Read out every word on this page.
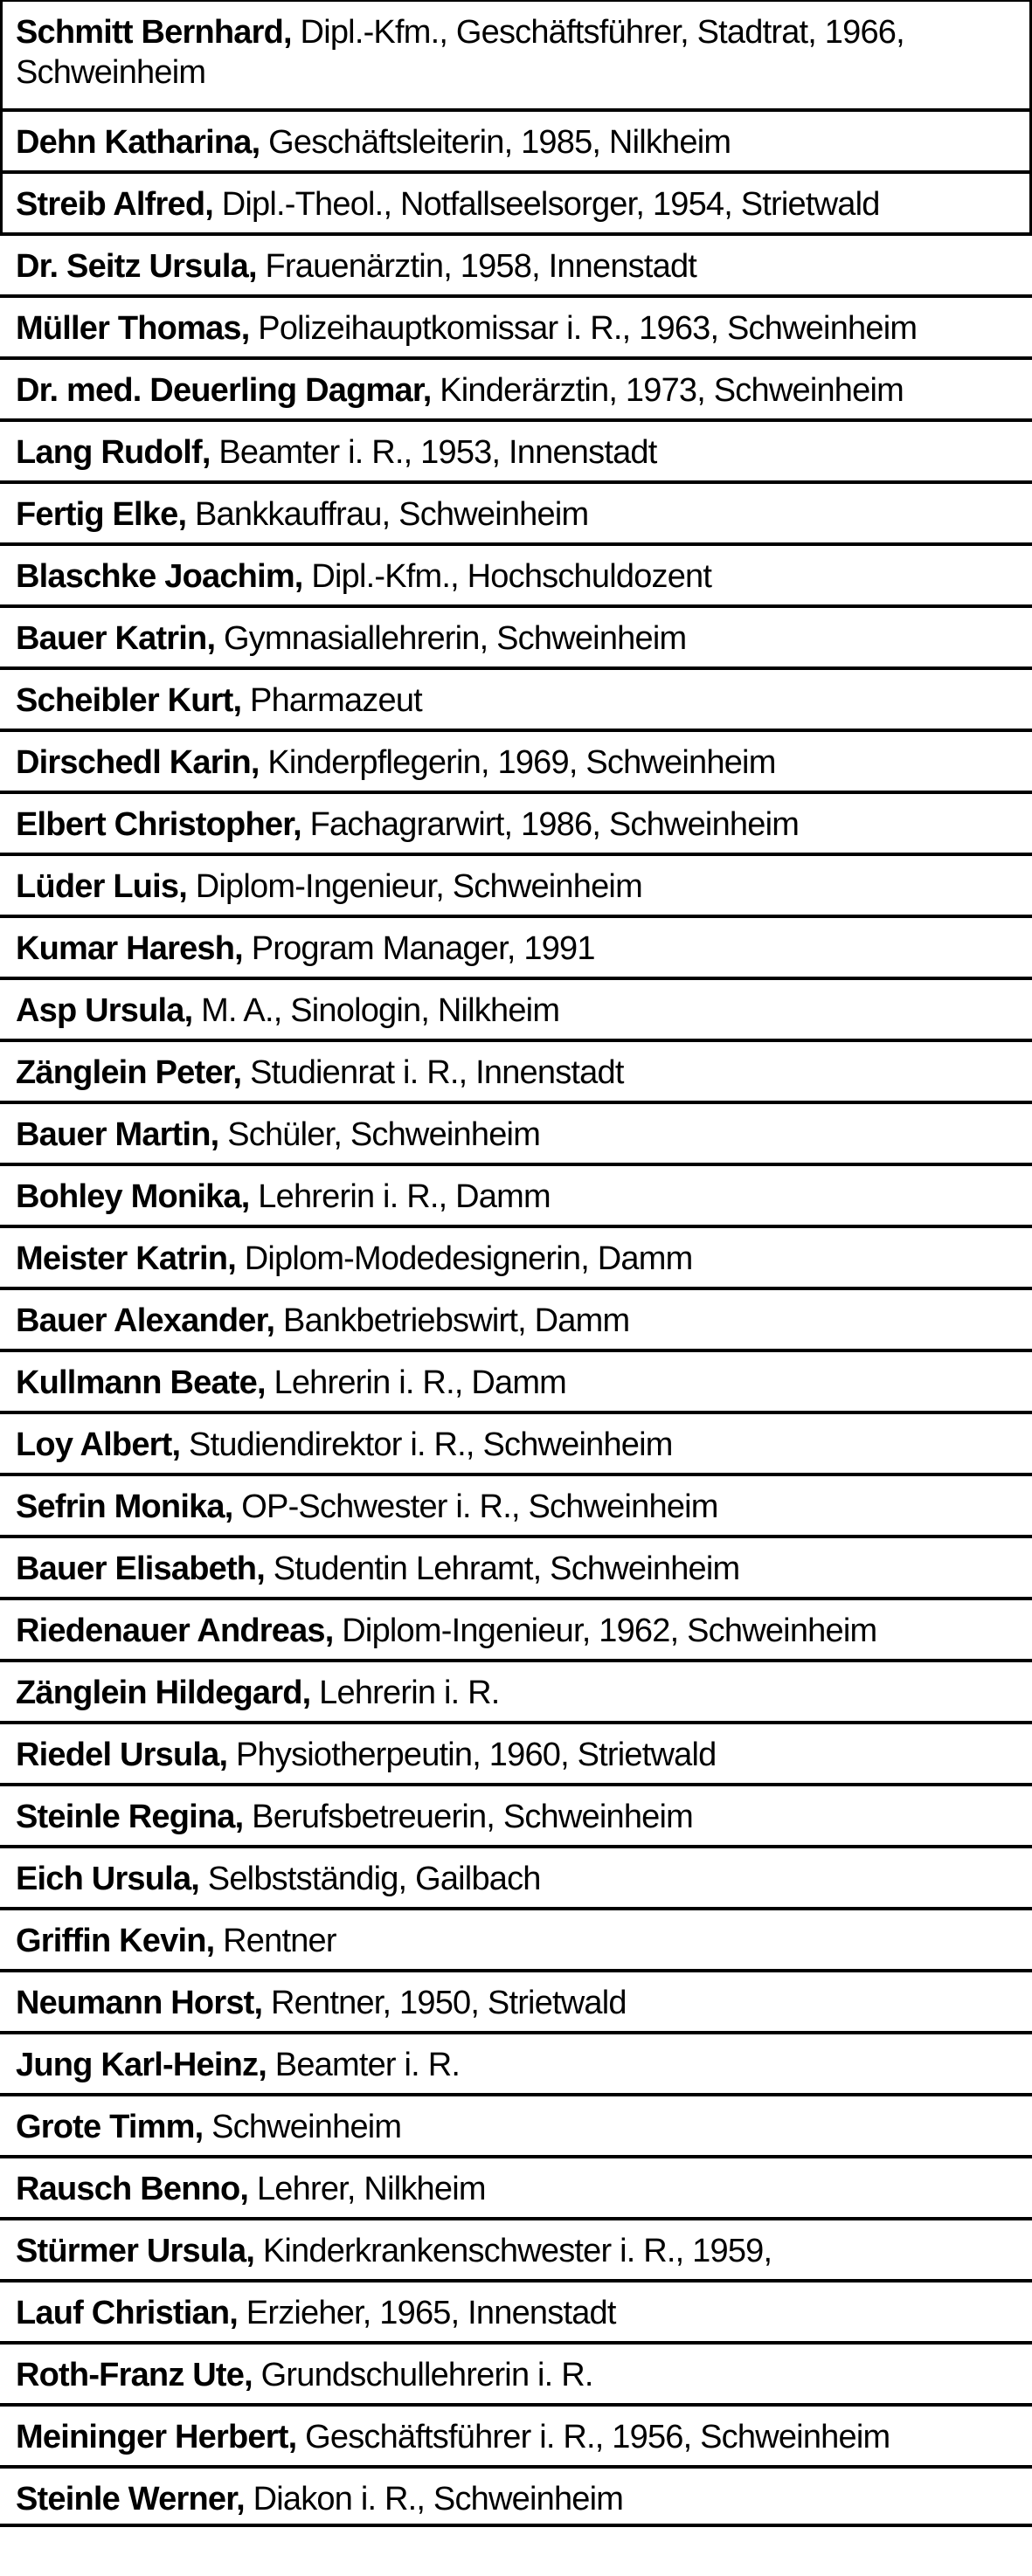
Schmitt Bernhard, Dipl.-Kfm., Geschäftsführer, Stadtrat, 1966, Schweinheim
Dehn Katharina, Geschäftsleiterin, 1985, Nilkheim
Streib Alfred, Dipl.-Theol., Notfallseelsorger, 1954, Strietwald
Dr. Seitz Ursula, Frauenärztin, 1958, Innenstadt
Müller Thomas, Polizeihauptkomissar i. R., 1963, Schweinheim
Dr. med. Deuerling Dagmar, Kinderärztin, 1973, Schweinheim
Lang Rudolf, Beamter i. R., 1953, Innenstadt
Fertig Elke, Bankkauffrau, Schweinheim
Blaschke Joachim, Dipl.-Kfm., Hochschuldozent
Bauer Katrin, Gymnasiallehrerin, Schweinheim
Scheibler Kurt, Pharmazeut
Dirschedl Karin, Kinderpflegerin, 1969, Schweinheim
Elbert Christopher, Fachagrarwirt, 1986, Schweinheim
Lüder Luis, Diplom-Ingenieur, Schweinheim
Kumar Haresh, Program Manager, 1991
Asp Ursula, M. A., Sinologin, Nilkheim
Zänglein Peter, Studienrat i. R., Innenstadt
Bauer Martin, Schüler, Schweinheim
Bohley Monika, Lehrerin i. R., Damm
Meister Katrin, Diplom-Modedesignerin, Damm
Bauer Alexander, Bankbetriebswirt, Damm
Kullmann Beate, Lehrerin i. R., Damm
Loy Albert, Studiendirektor i. R., Schweinheim
Sefrin Monika, OP-Schwester i. R., Schweinheim
Bauer Elisabeth, Studentin Lehramt, Schweinheim
Riedenauer Andreas, Diplom-Ingenieur, 1962, Schweinheim
Zänglein Hildegard, Lehrerin i. R.
Riedel Ursula, Physiotherpeutin, 1960, Strietwald
Steinle Regina, Berufsbetreuerin, Schweinheim
Eich Ursula, Selbstständig, Gailbach
Griffin Kevin, Rentner
Neumann Horst, Rentner, 1950, Strietwald
Jung Karl-Heinz, Beamter i. R.
Grote Timm, Schweinheim
Rausch Benno, Lehrer, Nilkheim
Stürmer Ursula, Kinderkrankenschwester i. R., 1959,
Lauf Christian, Erzieher, 1965, Innenstadt
Roth-Franz Ute, Grundschullehrerin i. R.
Meininger Herbert, Geschäftsführer i. R., 1956, Schweinheim
Steinle Werner, Diakon i. R., Schweinheim
